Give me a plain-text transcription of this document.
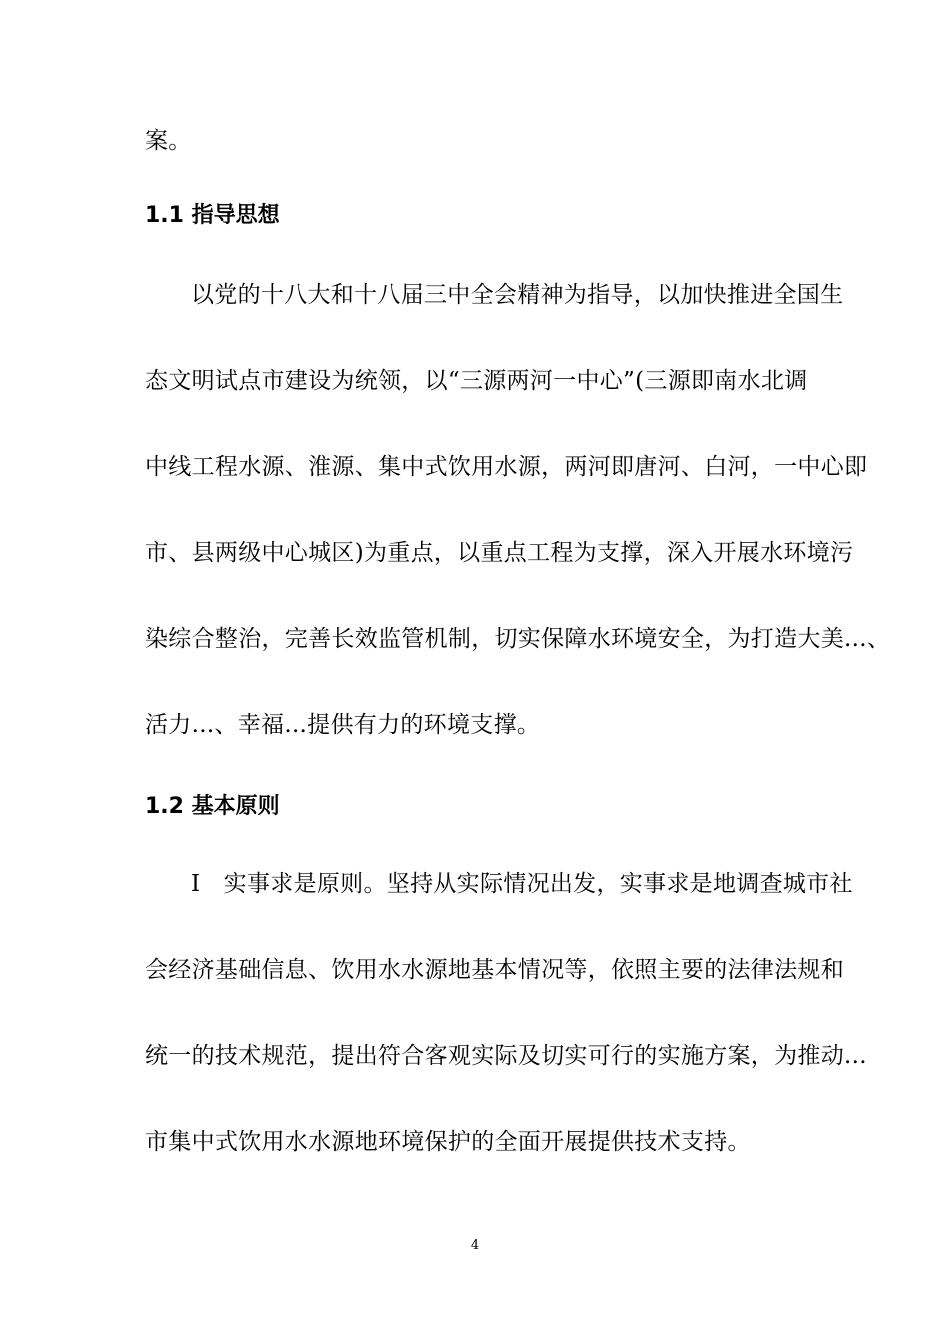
案。
1.1 指导思想
以党的十八大和十八届三中全会精神为指导，以加快推进全国生
态文明试点市建设为统领，以“三源两河一中心”(三源即南水北调
中线工程水源、淮源、集中式饮用水源，两河即唐河、白河，一中心即
市、县两级中心城区)为重点，以重点工程为支撑，深入开展水环境污
染综合整治，完善长效监管机制，切实保障水环境安全，为打造大美...、
活力...、幸福...提供有力的环境支撑。
1.2 基本原则
I　实事求是原则。坚持从实际情况出发，实事求是地调查城市社
会经济基础信息、饮用水水源地基本情况等，依照主要的法律法规和
统一的技术规范，提出符合客观实际及切实可行的实施方案，为推动...
市集中式饮用水水源地环境保护的全面开展提供技术支持。
4
